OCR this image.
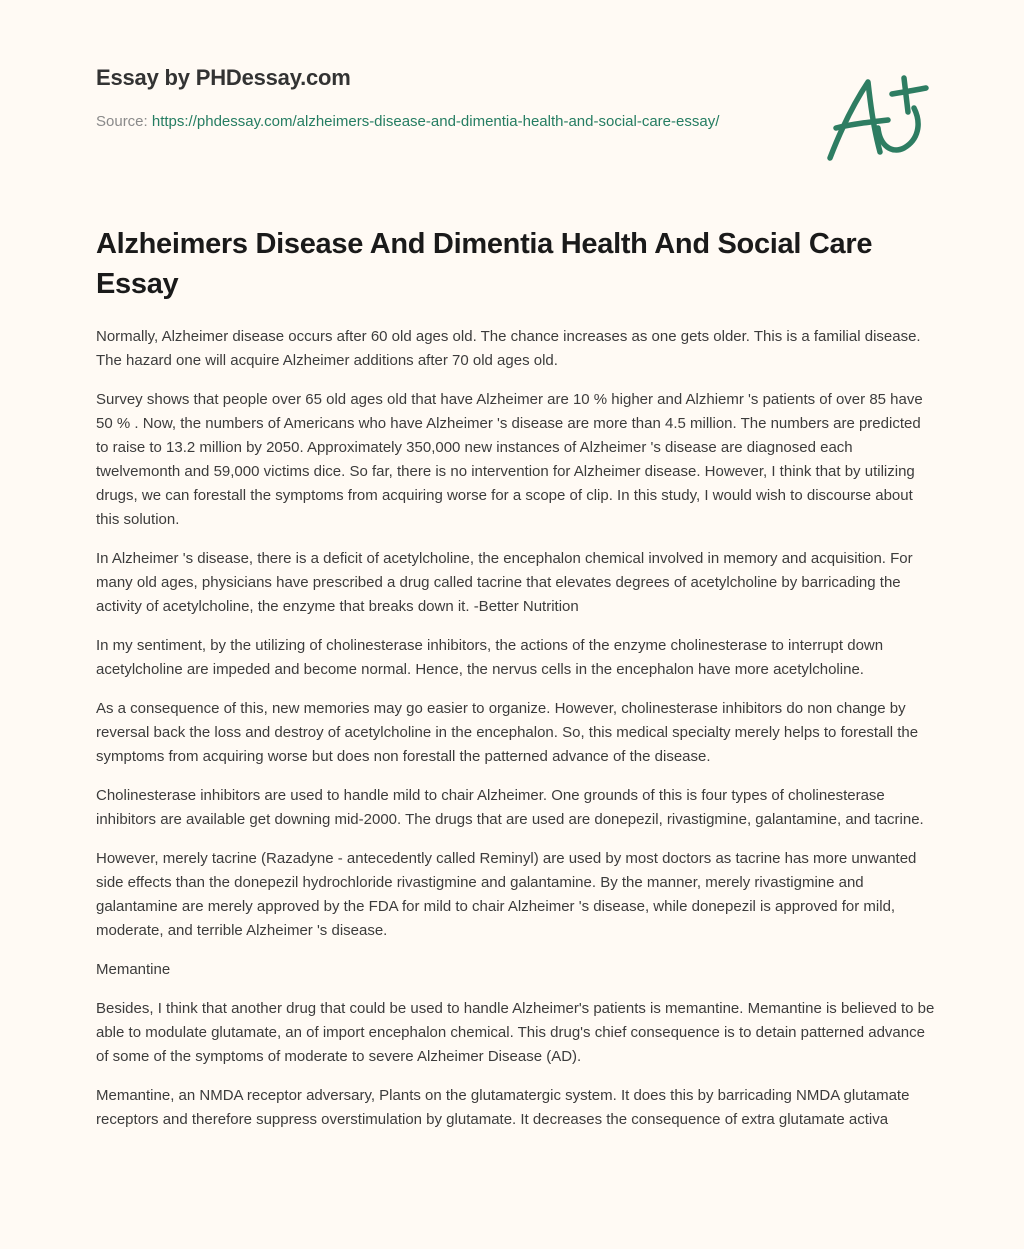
Essay by PHDessay.com
Source: https://phdessay.com/alzheimers-disease-and-dimentia-health-and-social-care-essay/
Alzheimers Disease And Dimentia Health And Social Care Essay

Normally, Alzheimer disease occurs after 60 old ages old. The chance increases as one gets older. This is a familial disease. The hazard one will acquire Alzheimer additions after 70 old ages old.

Survey shows that people over 65 old ages old that have Alzheimer are 10 % higher and Alzhiemr 's patients of over 85 have 50 % . Now, the numbers of Americans who have Alzheimer 's disease are more than 4.5 million. The numbers are predicted to raise to 13.2 million by 2050. Approximately 350,000 new instances of Alzheimer 's disease are diagnosed each twelvemonth and 59,000 victims dice. So far, there is no intervention for Alzheimer disease. However, I think that by utilizing drugs, we can forestall the symptoms from acquiring worse for a scope of clip. In this study, I would wish to discourse about this solution.

In Alzheimer 's disease, there is a deficit of acetylcholine, the encephalon chemical involved in memory and acquisition. For many old ages, physicians have prescribed a drug called tacrine that elevates degrees of acetylcholine by barricading the activity of acetylcholine, the enzyme that breaks down it. -Better Nutrition

In my sentiment, by the utilizing of cholinesterase inhibitors, the actions of the enzyme cholinesterase to interrupt down acetylcholine are impeded and become normal. Hence, the nervus cells in the encephalon have more acetylcholine.

As a consequence of this, new memories may go easier to organize. However, cholinesterase inhibitors do non change by reversal back the loss and destroy of acetylcholine in the encephalon. So, this medical specialty merely helps to forestall the symptoms from acquiring worse but does non forestall the patterned advance of the disease.

Cholinesterase inhibitors are used to handle mild to chair Alzheimer. One grounds of this is four types of cholinesterase inhibitors are available get downing mid-2000. The drugs that are used are donepezil, rivastigmine, galantamine, and tacrine.

However, merely tacrine (Razadyne - antecedently called Reminyl) are used by most doctors as tacrine has more unwanted side effects than the donepezil hydrochloride rivastigmine and galantamine. By the manner, merely rivastigmine and galantamine are merely approved by the FDA for mild to chair Alzheimer 's disease, while donepezil is approved for mild, moderate, and terrible Alzheimer 's disease.

Memantine

Besides, I think that another drug that could be used to handle Alzheimer's patients is memantine. Memantine is believed to be able to modulate glutamate, an of import encephalon chemical. This drug's chief consequence is to detain patterned advance of some of the symptoms of moderate to severe Alzheimer Disease (AD).

Memantine, an NMDA receptor adversary, Plants on the glutamatergic system. It does this by barricading NMDA glutamate receptors and therefore suppress overstimulation by glutamate. It decreases the consequence of extra glutamate activa
